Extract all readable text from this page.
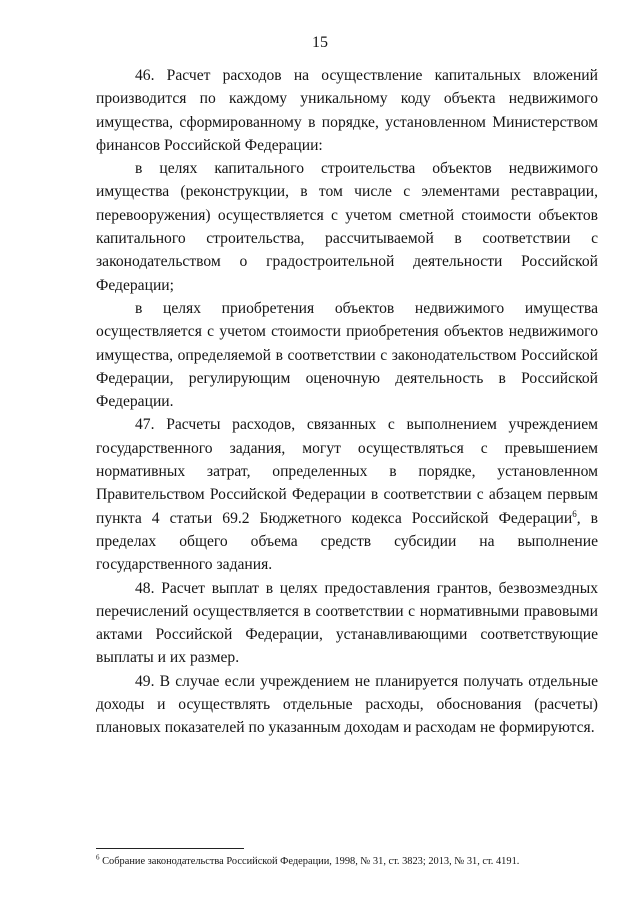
15

46. Расчет расходов на осуществление капитальных вложений производится по каждому уникальному коду объекта недвижимого имущества, сформированному в порядке, установленном Министерством финансов Российской Федерации:

в целях капитального строительства объектов недвижимого имущества (реконструкции, в том числе с элементами реставрации, перевооружения) осуществляется с учетом сметной стоимости объектов капитального строительства, рассчитываемой в соответствии с законодательством о градостроительной деятельности Российской Федерации;

в целях приобретения объектов недвижимого имущества осуществляется с учетом стоимости приобретения объектов недвижимого имущества, определяемой в соответствии с законодательством Российской Федерации, регулирующим оценочную деятельность в Российской Федерации.

47. Расчеты расходов, связанных с выполнением учреждением государственного задания, могут осуществляться с превышением нормативных затрат, определенных в порядке, установленном Правительством Российской Федерации в соответствии с абзацем первым пункта 4 статьи 69.2 Бюджетного кодекса Российской Федерации$^6$, в пределах общего объема средств субсидии на выполнение государственного задания.

48. Расчет выплат в целях предоставления грантов, безвозмездных перечислений осуществляется в соответствии с нормативными правовыми актами Российской Федерации, устанавливающими соответствующие выплаты и их размер.

49. В случае если учреждением не планируется получать отдельные доходы и осуществлять отдельные расходы, обоснования (расчеты) плановых показателей по указанным доходам и расходам не формируются.

$^6$ Собрание законодательства Российской Федерации, 1998, № 31, ст. 3823; 2013, № 31, ст. 4191.
